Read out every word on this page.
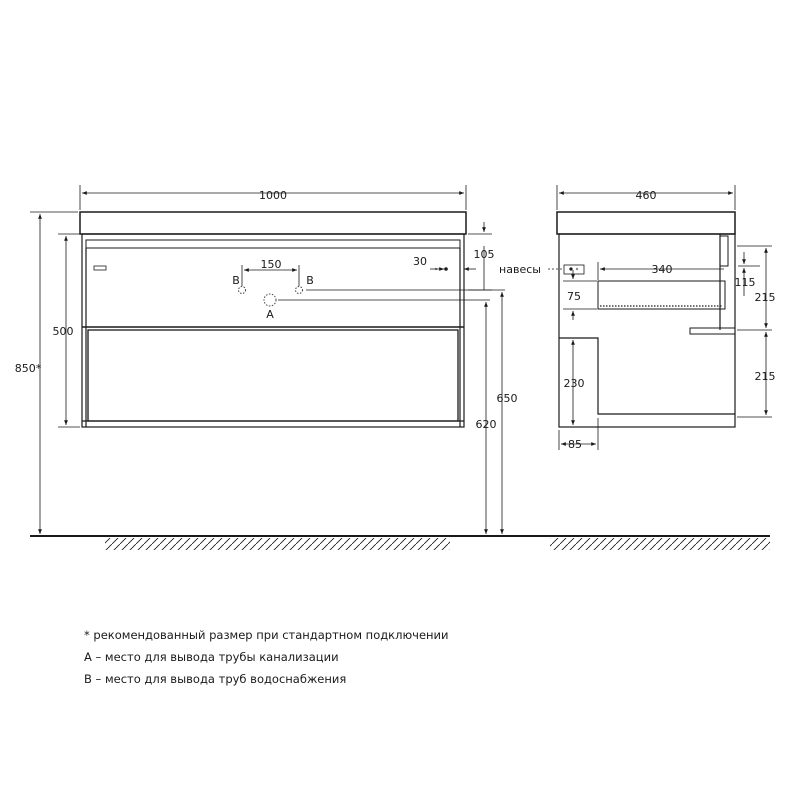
1000
850*
500
105
30
150
650
620
A
B	B
460
340
навесы
75
115
215
215
230
85
* рекомендованный размер при стандартном подключении
A – место для вывода трубы канализации
B – место для вывода труб водоснабжения
